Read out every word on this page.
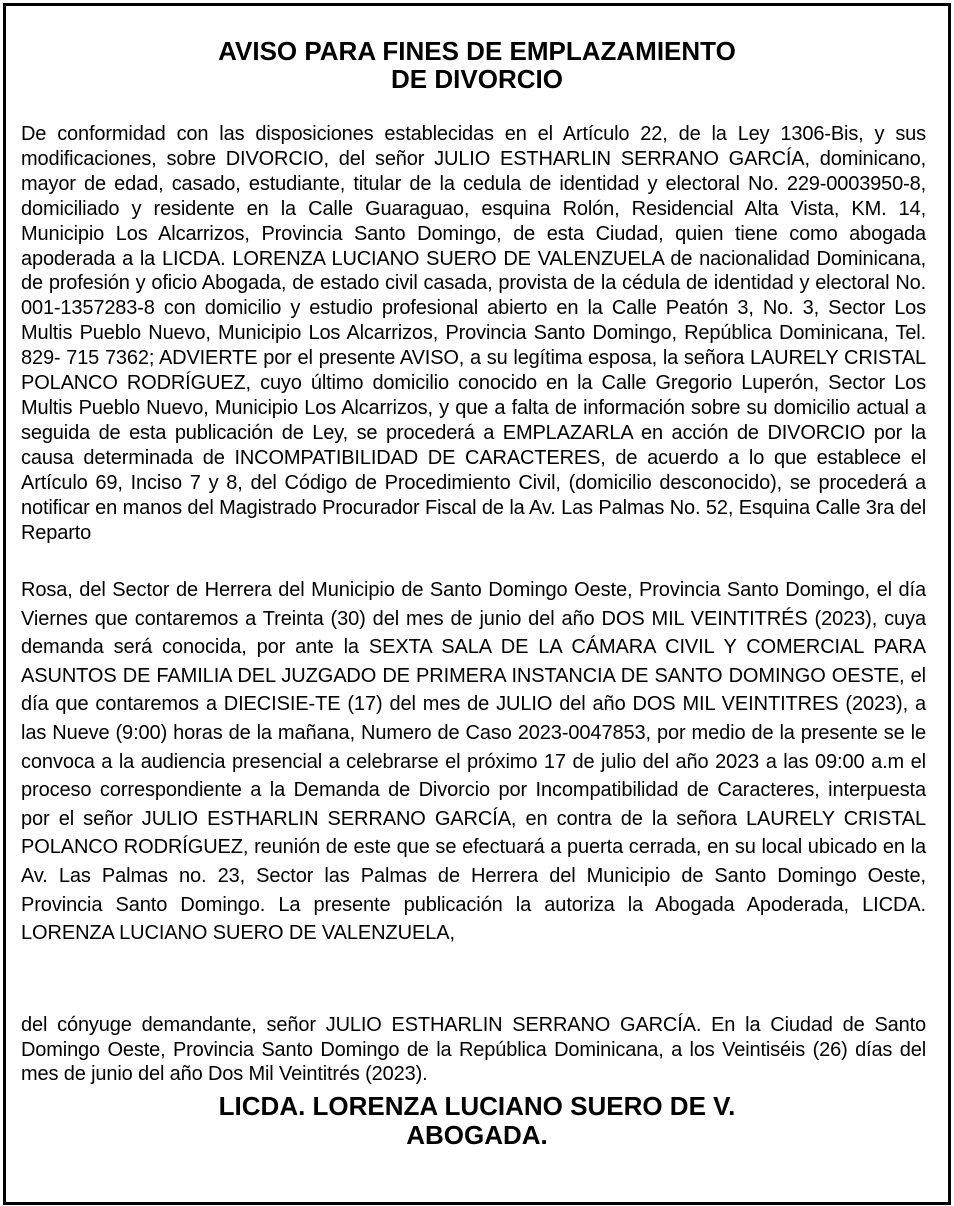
AVISO PARA FINES DE EMPLAZAMIENTO
DE DIVORCIO

De conformidad con las disposiciones establecidas en el Artículo 22, de la Ley 1306-Bis, y sus modificaciones, sobre DIVORCIO, del señor JULIO ESTHARLIN SERRANO GARCÍA, dominicano, mayor de edad, casado, estudiante, titular de la cedula de identidad y electoral No. 229-0003950-8, domiciliado y residente en la Calle Guaraguao, esquina Rolón, Residencial Alta Vista, KM. 14, Municipio Los Alcarrizos, Provincia Santo Domingo, de esta Ciudad, quien tiene como abogada apoderada a la LICDA. LORENZA LUCIANO SUERO DE VALENZUELA de nacionalidad Dominicana, de profesión y oficio Abogada, de estado civil casada, provista de la cédula de identidad y electoral No. 001-1357283-8 con domicilio y estudio profesional abierto en la Calle Peatón 3, No. 3, Sector Los Multis Pueblo Nuevo, Municipio Los Alcarrizos, Provincia Santo Domingo, República Dominicana, Tel. 829- 715 7362; ADVIERTE por el presente AVISO, a su legítima esposa, la señora LAURELY CRISTAL POLANCO RODRÍGUEZ, cuyo último domicilio conocido en la Calle Gregorio Luperón, Sector Los Multis Pueblo Nuevo, Municipio Los Alcarrizos, y que a falta de información sobre su domicilio actual a seguida de esta publicación de Ley, se procederá a EMPLAZARLA en acción de DIVORCIO por la causa determinada de INCOMPATIBILIDAD DE CARACTERES, de acuerdo a lo que establece el Artículo 69, Inciso 7 y 8, del Código de Procedimiento Civil, (domicilio desconocido), se procederá a notificar en manos del Magistrado Procurador Fiscal de la Av. Las Palmas No. 52, Esquina Calle 3ra del Reparto

Rosa, del Sector de Herrera del Municipio de Santo Domingo Oeste, Provincia Santo Domingo, el día Viernes que contaremos a Treinta (30) del mes de junio del año DOS MIL VEINTITRÉS (2023), cuya demanda será conocida, por ante la SEXTA SALA DE LA CÁMARA CIVIL Y COMERCIAL PARA ASUNTOS DE FAMILIA DEL JUZGADO DE PRIMERA INSTANCIA DE SANTO DOMINGO OESTE, el día que contaremos a DIECISIE-TE (17) del mes de JULIO del año DOS MIL VEINTITRES (2023), a las Nueve (9:00) horas de la mañana, Numero de Caso 2023-0047853, por medio de la presente se le convoca a la audiencia presencial a celebrarse el próximo 17 de julio del año 2023 a las 09:00 a.m el proceso correspondiente a la Demanda de Divorcio por Incompatibilidad de Caracteres, interpuesta por el señor JULIO ESTHARLIN SERRANO GARCÍA, en contra de la señora LAURELY CRISTAL POLANCO RODRÍGUEZ, reunión de este que se efectuará a puerta cerrada, en su local ubicado en la Av. Las Palmas no. 23, Sector las Palmas de Herrera del Municipio de Santo Domingo Oeste, Provincia Santo Domingo. La presente publicación la autoriza la Abogada Apoderada, LICDA. LORENZA LUCIANO SUERO DE VALENZUELA,

del cónyuge demandante, señor JULIO ESTHARLIN SERRANO GARCÍA. En la Ciudad de Santo Domingo Oeste, Provincia Santo Domingo de la República Dominicana, a los Veintiséis (26) días del mes de junio del año Dos Mil Veintitrés (2023).

LICDA. LORENZA LUCIANO SUERO DE V.
ABOGADA.
